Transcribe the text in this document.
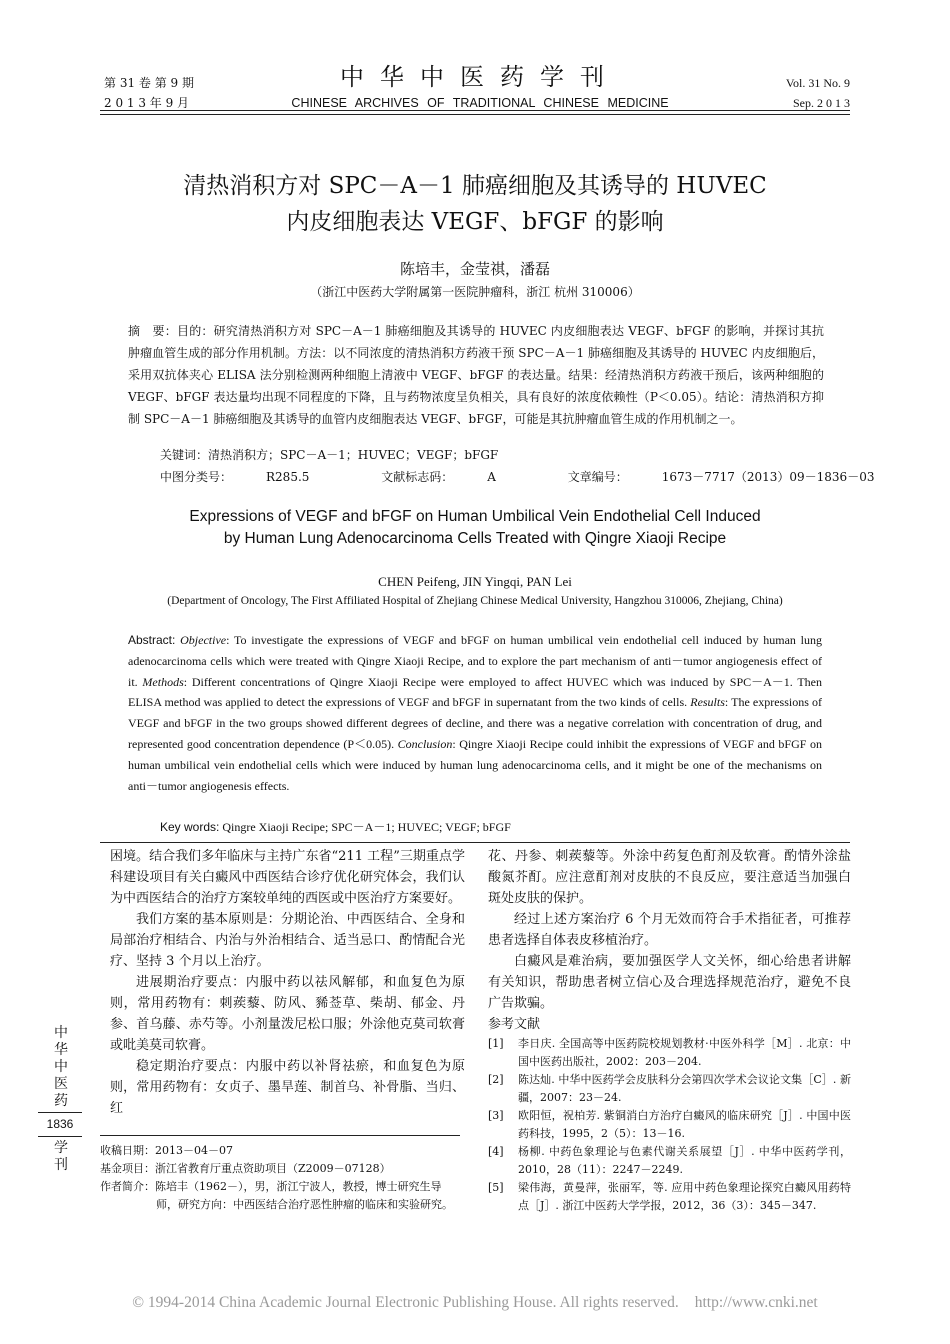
第 31 卷 第 9 期
2 0 1 3 年 9 月
中华中医药学刊
CHINESE ARCHIVES OF TRADITIONAL CHINESE MEDICINE
Vol. 31 No. 9
Sep. 2 0 1 3
清热消积方对 SPC－A－1 肺癌细胞及其诱导的 HUVEC
内皮细胞表达 VEGF、bFGF 的影响
陈培丰，金莹祺，潘磊
（浙江中医药大学附属第一医院肿瘤科，浙江 杭州 310006）

摘　要：目的：研究清热消积方对 SPC－A－1 肺癌细胞及其诱导的 HUVEC 内皮细胞表达 VEGF、bFGF 的影响，并探讨其抗肿瘤血管生成的部分作用机制。方法：以不同浓度的清热消积方药液干预 SPC－A－1 肺癌细胞及其诱导的 HUVEC 内皮细胞后，采用双抗体夹心 ELISA 法分别检测两种细胞上清液中 VEGF、bFGF 的表达量。结果：经清热消积方药液干预后，该两种细胞的 VEGF、bFGF 表达量均出现不同程度的下降，且与药物浓度呈负相关，具有良好的浓度依赖性（P＜0.05）。结论：清热消积方抑制 SPC－A－1 肺癌细胞及其诱导的血管内皮细胞表达 VEGF、bFGF，可能是其抗肿瘤血管生成的作用机制之一。

关键词：清热消积方；SPC－A－1；HUVEC；VEGF；bFGF
中图分类号：	R285.5	文献标志码：	A	文章编号：	1673－7717（2013）09－1836－03
Expressions of VEGF and bFGF on Human Umbilical Vein Endothelial Cell Induced
by Human Lung Adenocarcinoma Cells Treated with Qingre Xiaoji Recipe
CHEN Peifeng, JIN Yingqi, PAN Lei
(Department of Oncology, The First Affiliated Hospital of Zhejiang Chinese Medical University, Hangzhou 310006, Zhejiang, China)
Abstract: Objective: To investigate the expressions of VEGF and bFGF on human umbilical vein endothelial cell induced by human lung adenocarcinoma cells which were treated with Qingre Xiaoji Recipe, and to explore the part mechanism of anti－tumor angiogenesis effect of it. Methods: Different concentrations of Qingre Xiaoji Recipe were employed to affect HUVEC which was induced by SPC－A－1. Then ELISA method was applied to detect the expressions of VEGF and bFGF in supernatant from the two kinds of cells. Results: The expressions of VEGF and bFGF in the two groups showed different degrees of decline, and there was a negative correlation with concentration of drug, and represented good concentration dependence (P＜0.05). Conclusion: Qingre Xiaoji Recipe could inhibit the expressions of VEGF and bFGF on human umbilical vein endothelial cells which were induced by human lung adenocarcinoma cells, and it might be one of the mechanisms on anti－tumor angiogenesis effects.
Key words: Qingre Xiaoji Recipe; SPC－A－1; HUVEC; VEGF; bFGF

困境。结合我们多年临床与主持广东省“211 工程”三期重点学科建设项目有关白癜风中西医结合诊疗优化研究体会，我们认为中西医结合的治疗方案较单纯的西医或中医治疗方案要好。

我们方案的基本原则是：分期论治、中西医结合、全身和局部治疗相结合、内治与外治相结合、适当忌口、酌情配合光疗、坚持 3 个月以上治疗。

进展期治疗要点：内服中药以祛风解郁，和血复色为原则，常用药物有：刺蒺藜、防风、豨莶草、柴胡、郁金、丹参、首乌藤、赤芍等。小剂量泼尼松口服；外涂他克莫司软膏或吡美莫司软膏。

稳定期治疗要点：内服中药以补肾祛瘀，和血复色为原则，常用药物有：女贞子、墨旱莲、制首乌、补骨脂、当归、红

花、丹参、刺蒺藜等。外涂中药复色酊剂及软膏。酌情外涂盐酸氮芥酊。应注意酊剂对皮肤的不良反应，要注意适当加强白斑处皮肤的保护。

经过上述方案治疗 6 个月无效而符合手术指征者，可推荐患者选择自体表皮移植治疗。

白癜风是难治病，要加强医学人文关怀，细心给患者讲解有关知识，帮助患者树立信心及合理选择规范治疗，避免不良广告欺骗。

参考文献

[1]	李日庆. 全国高等中医药院校规划教材·中医外科学［M］. 北京：中国中医药出版社，2002：203－204.
[2]	陈达灿. 中华中医药学会皮肤科分会第四次学术会议论文集［C］. 新疆，2007：23－24.
[3]	欧阳恒，祝柏芳. 紫铜消白方治疗白癜风的临床研究［J］. 中国中医药科技，1995，2（5）：13－16.
[4]	杨柳. 中药色象理论与色素代谢关系展望［J］. 中华中医药学刊，2010，28（11）：2247－2249.
[5]	梁伟海，黄曼萍，张丽军，等. 应用中药色象理论探究白癜风用药特点［J］. 浙江中医药大学学报，2012，36（3）：345－347.
中华中医药
1836
学刊
收稿日期：2013－04－07
基金项目：浙江省教育厅重点资助项目（Z2009－07128）
作者简介：陈培丰（1962－），男，浙江宁波人，教授，博士研究生导师，研究方向：中西医结合治疗恶性肿瘤的临床和实验研究。
© 1994-2014 China Academic Journal Electronic Publishing House. All rights reserved. http://www.cnki.net
